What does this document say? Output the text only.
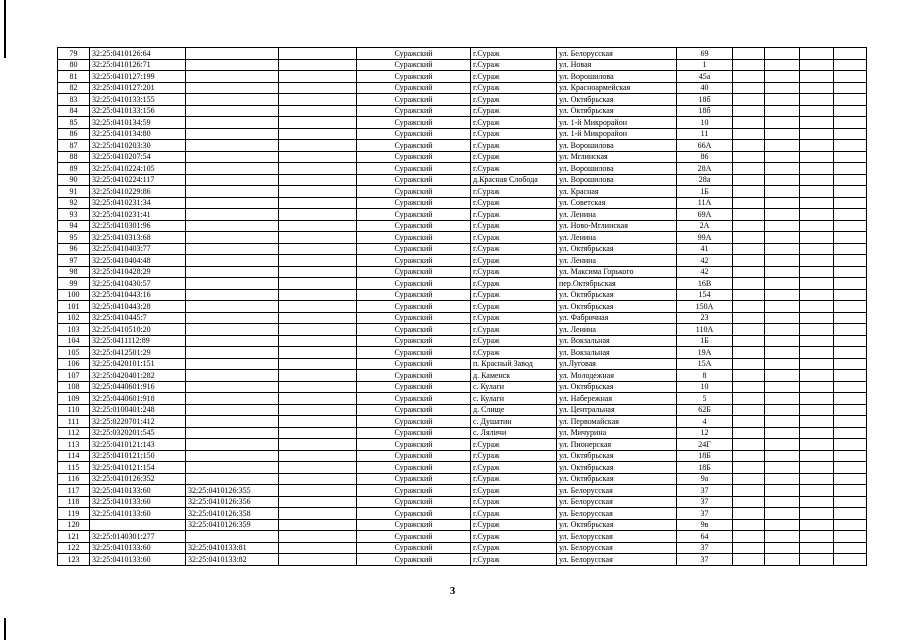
79	32:25:0410126:64			Суражский	г.Сураж	ул. Белорусская	69				
80	32:25:0410126:71			Суражский	г.Сураж	ул. Новая	1				
81	32:25:0410127:199			Суражский	г.Сураж	ул. Ворошилова	45а				
82	32:25:0410127:201			Суражский	г.Сураж	ул. Красноармейская	40				
83	32:25:0410133:155			Суражский	г.Сураж	ул. Октябрьская	18б				
84	32:25:0410133:156			Суражский	г.Сураж	ул. Октябрьская	18б				
85	32:25:0410134:59			Суражский	г.Сураж	ул. 1-й Микрорайон	10				
86	32:25:0410134:80			Суражский	г.Сураж	ул. 1-й Микрорайон	11				
87	32:25:0410203:30			Суражский	г.Сураж	ул. Ворошилова	66А				
88	32:25:0410207:54			Суражский	г.Сураж	ул. Мглинская	86				
89	32:25:0410224:105			Суражский	г.Сураж	ул. Ворошилова	28А				
90	32:25:0410224:117			Суражский	д.Красная Слобода	ул. Ворошилова	28а				
91	32:25:0410229:86			Суражский	г.Сураж	ул. Красная	1Б				
92	32:25:0410231:34			Суражский	г.Сураж	ул. Советская	11А				
93	32:25:0410231:41			Суражский	г.Сураж	ул. Ленина	69А				
94	32:25:0410301:96			Суражский	г.Сураж	ул. Ново-Мглинская	2А				
95	32:25:0410313:68			Суражский	г.Сураж	ул. Ленина	99А				
96	32:25:0410403:77			Суражский	г.Сураж	ул. Октябрьская	41				
97	32:25:0410404:48			Суражский	г.Сураж	ул. Ленина	42				
98	32:25:0410428:29			Суражский	г.Сураж	ул. Максима Горького	42				
99	32:25:0410430:57			Суражский	г.Сураж	пер.Октябрьская	16В				
100	32:25:0410443:16			Суражский	г.Сураж	ул. Октябрьская	154				
101	32:25:0410443:28			Суражский	г.Сураж	ул. Октябрьская	150А				
102	32:25:0410445:7			Суражский	г.Сураж	ул. Фабричная	23				
103	32:25:0410510:20			Суражский	г.Сураж	ул. Ленина	110А				
104	32:25:0411112:89			Суражский	г.Сураж	ул. Вокзальная	1Б				
105	32:25:0412501:29			Суражский	г.Сураж	ул. Вокзальная	19А				
106	32:25:0420101:151			Суражский	п. Красный Завод	ул.Луговая	15А				
107	32:25:0420401:282			Суражский	д. Каменск	ул. Молодежная	8				
108	32:25:0440601:916			Суражский	с. Кулаги	ул. Октябрьская	10				
109	32:25:0440601:918			Суражский	с. Кулаги	ул. Набережная	5				
110	32:25:0100401:248			Суражский	д. Слище	ул. Центральная	62Б				
111	32:25:0220701:412			Суражский	с. Душатин	ул. Первомайская	4				
112	32:25:0320201:545			Суражский	с. Ляличи	ул. Мичурина	12				
113	32:25:0410121:143			Суражский	г.Сураж	ул. Пионерская	24Г				
114	32:25:0410121:150			Суражский	г.Сураж	ул. Октябрьская	18Б				
115	32:25:0410121:154			Суражский	г.Сураж	ул. Октябрьская	18Б				
116	32:25:0410126:352			Суражский	г.Сураж	ул. Октябрьская	9а				
117	32:25:0410133:60	32:25:0410126:355		Суражский	г.Сураж	ул. Белорусская	37				
118	32:25:0410133:60	32:25:0410126:356		Суражский	г.Сураж	ул. Белорусская	37				
119	32:25:0410133:60	32:25:0410126:358		Суражский	г.Сураж	ул. Белорусская	37				
120		32:25:0410126:359		Суражский	г.Сураж	ул. Октябрьская	9в				
121	32:25:0140301:277			Суражский	г.Сураж	ул. Белорусская	64				
122	32:25:0410133:60	32:25:0410133:81		Суражский	г.Сураж	ул. Белорусская	37				
123	32:25:0410133:60	32:25:0410133:82		Суражский	г.Сураж	ул. Белорусская	37				
3
